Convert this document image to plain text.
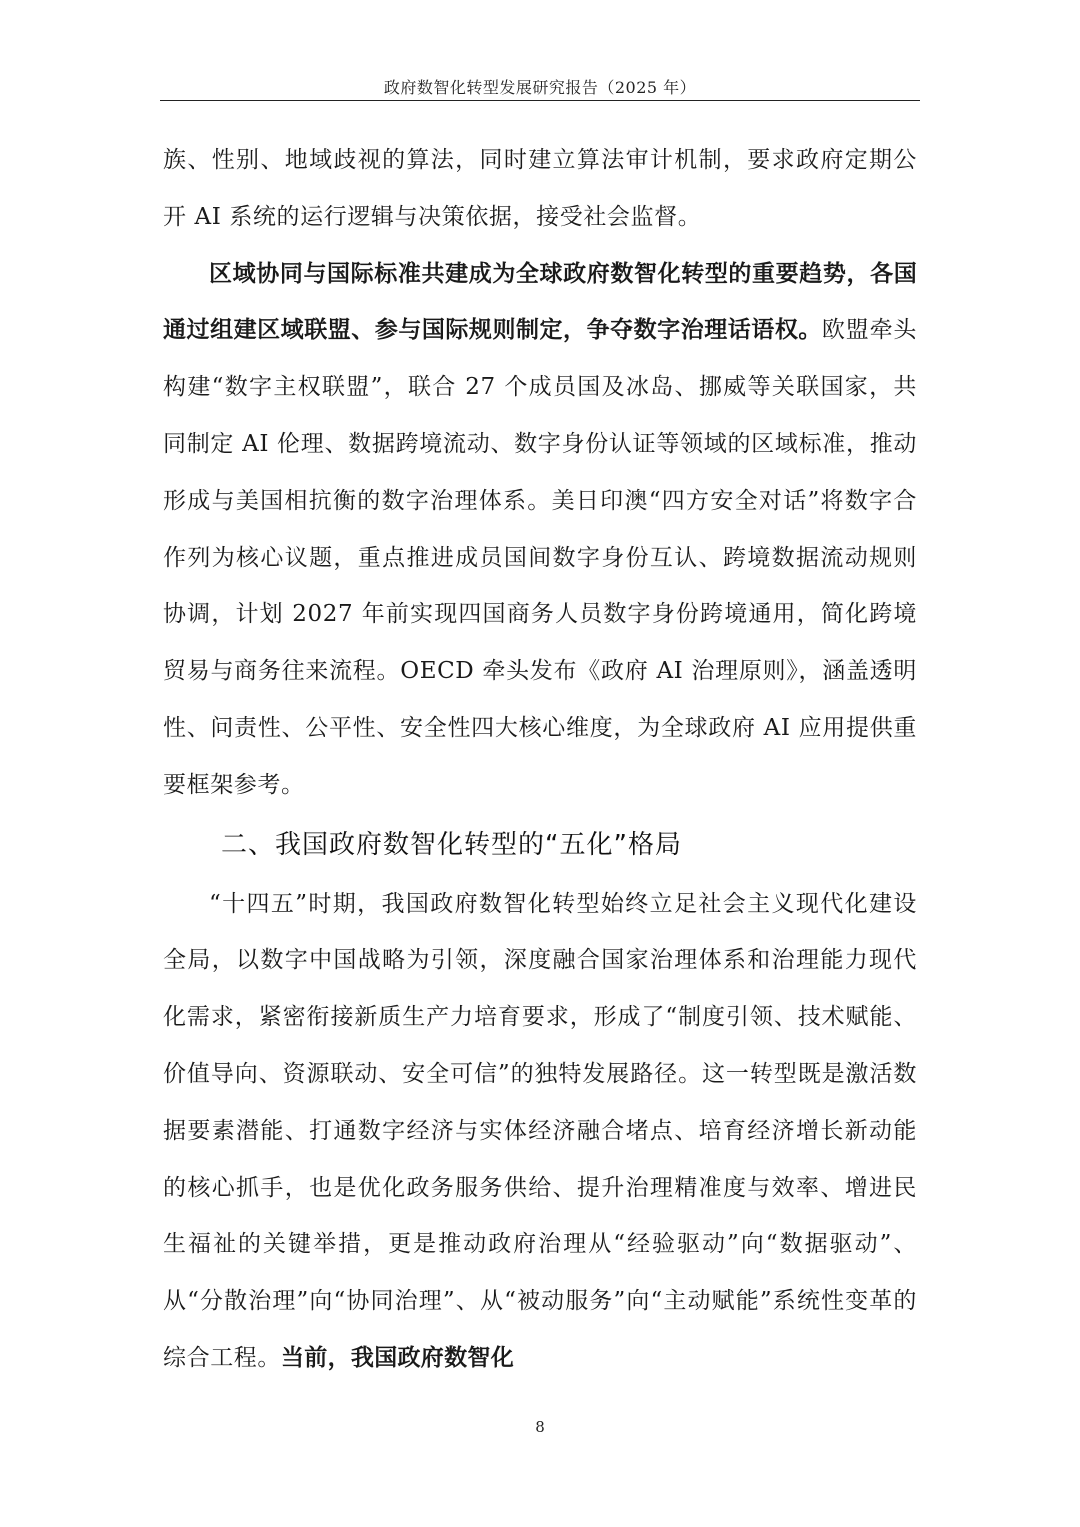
政府数智化转型发展研究报告（2025 年）

族、性别、地域歧视的算法，同时建立算法审计机制，要求政府定期公开 AI 系统的运行逻辑与决策依据，接受社会监督。

区域协同与国际标准共建成为全球政府数智化转型的重要趋势，各国通过组建区域联盟、参与国际规则制定，争夺数字治理话语权。欧盟牵头构建“数字主权联盟”，联合 27 个成员国及冰岛、挪威等关联国家，共同制定 AI 伦理、数据跨境流动、数字身份认证等领域的区域标准，推动形成与美国相抗衡的数字治理体系。美日印澳“四方安全对话”将数字合作列为核心议题，重点推进成员国间数字身份互认、跨境数据流动规则协调，计划 2027 年前实现四国商务人员数字身份跨境通用，简化跨境贸易与商务往来流程。OECD 牵头发布《政府 AI 治理原则》，涵盖透明性、问责性、公平性、安全性四大核心维度，为全球政府 AI 应用提供重要框架参考。

二、我国政府数智化转型的“五化”格局

“十四五”时期，我国政府数智化转型始终立足社会主义现代化建设全局，以数字中国战略为引领，深度融合国家治理体系和治理能力现代化需求，紧密衔接新质生产力培育要求，形成了“制度引领、技术赋能、价值导向、资源联动、安全可信”的独特发展路径。这一转型既是激活数据要素潜能、打通数字经济与实体经济融合堵点、培育经济增长新动能的核心抓手，也是优化政务服务供给、提升治理精准度与效率、增进民生福祉的关键举措，更是推动政府治理从“经验驱动”向“数据驱动”、从“分散治理”向“协同治理”、从“被动服务”向“主动赋能”系统性变革的综合工程。当前，我国政府数智化

8
